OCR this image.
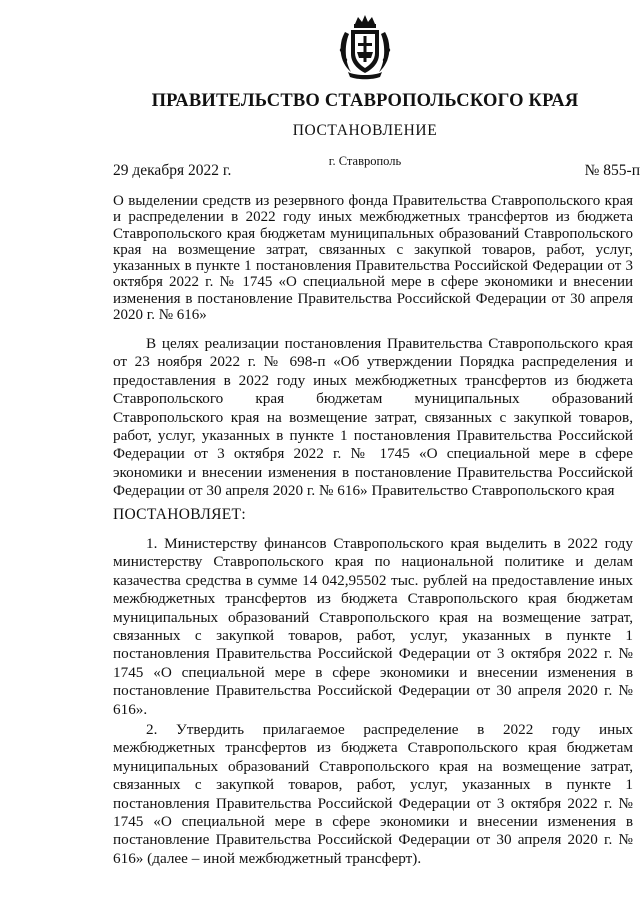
ПРАВИТЕЛЬСТВО СТАВРОПОЛЬСКОГО КРАЯ
ПОСТАНОВЛЕНИЕ
29 декабря 2022 г.
г. Ставрополь
№ 855-п
О выделении средств из резервного фонда Правительства Ставропольского края и распределении в 2022 году иных межбюджетных трансфертов из бюджета Ставропольского края бюджетам муниципальных образований Ставропольского края на возмещение затрат, связанных с закупкой товаров, работ, услуг, указанных в пункте 1 постановления Правительства Российской Федерации от 3 октября 2022 г. № 1745 «О специальной мере в сфере экономики и внесении изменения в постановление Правительства Российской Федерации от 30 апреля 2020 г. № 616»
В целях реализации постановления Правительства Ставропольского края от 23 ноября 2022 г. № 698-п «Об утверждении Порядка распределения и предоставления в 2022 году иных межбюджетных трансфертов из бюджета Ставропольского края бюджетам муниципальных образований Ставропольского края на возмещение затрат, связанных с закупкой товаров, работ, услуг, указанных в пункте 1 постановления Правительства Российской Федерации от 3 октября 2022 г. № 1745 «О специальной мере в сфере экономики и внесении изменения в постановление Правительства Российской Федерации от 30 апреля 2020 г. № 616» Правительство Ставропольского края
ПОСТАНОВЛЯЕТ:
1. Министерству финансов Ставропольского края выделить в 2022 году министерству Ставропольского края по национальной политике и делам казачества средства в сумме 14 042,95502 тыс. рублей на предоставление иных межбюджетных трансфертов из бюджета Ставропольского края бюджетам муниципальных образований Ставропольского края на возмещение затрат, связанных с закупкой товаров, работ, услуг, указанных в пункте 1 постановления Правительства Российской Федерации от 3 октября 2022 г. № 1745 «О специальной мере в сфере экономики и внесении изменения в постановление Правительства Российской Федерации от 30 апреля 2020 г. № 616».
2. Утвердить прилагаемое распределение в 2022 году иных межбюджетных трансфертов из бюджета Ставропольского края бюджетам муниципальных образований Ставропольского края на возмещение затрат, связанных с закупкой товаров, работ, услуг, указанных в пункте 1 постановления Правительства Российской Федерации от 3 октября 2022 г. № 1745 «О специальной мере в сфере экономики и внесении изменения в постановление Правительства Российской Федерации от 30 апреля 2020 г. № 616» (далее – иной межбюджетный трансферт).
